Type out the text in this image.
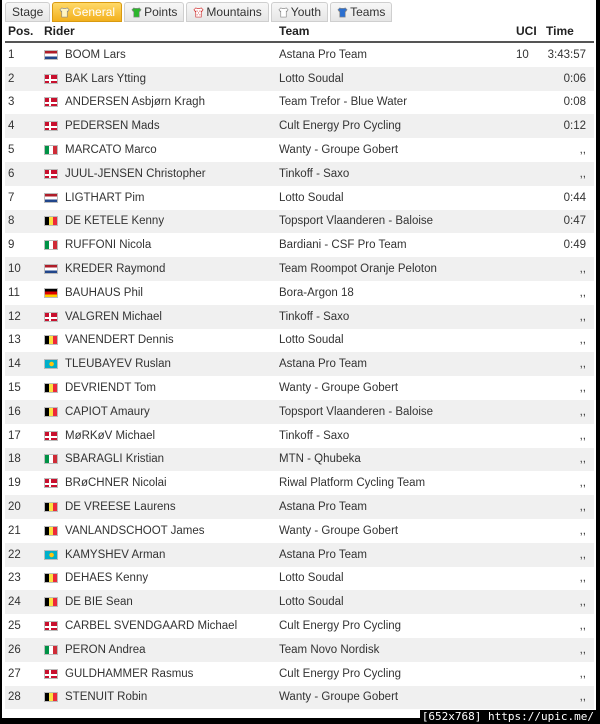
Stage General Points Mountains Youth Teams
Pos.	Rider	Team	UCI	Time
1	BOOM Lars	Astana Pro Team	10	3:43:57
2	BAK Lars Ytting	Lotto Soudal		0:06
3	ANDERSEN Asbjørn Kragh	Team Trefor - Blue Water		0:08
4	PEDERSEN Mads	Cult Energy Pro Cycling		0:12
5	MARCATO Marco	Wanty - Groupe Gobert		,,
6	JUUL-JENSEN Christopher	Tinkoff - Saxo		,,
7	LIGTHART Pim	Lotto Soudal		0:44
8	DE KETELE Kenny	Topsport Vlaanderen - Baloise		0:47
9	RUFFONI Nicola	Bardiani - CSF Pro Team		0:49
10	KREDER Raymond	Team Roompot Oranje Peloton		,,
11	BAUHAUS Phil	Bora-Argon 18		,,
12	VALGREN Michael	Tinkoff - Saxo		,,
13	VANENDERT Dennis	Lotto Soudal		,,
14	TLEUBAYEV Ruslan	Astana Pro Team		,,
15	DEVRIENDT Tom	Wanty - Groupe Gobert		,,
16	CAPIOT Amaury	Topsport Vlaanderen - Baloise		,,
17	MøRKøV Michael	Tinkoff - Saxo		,,
18	SBARAGLI Kristian	MTN - Qhubeka		,,
19	BRøCHNER Nicolai	Riwal Platform Cycling Team		,,
20	DE VREESE Laurens	Astana Pro Team		,,
21	VANLANDSCHOOT James	Wanty - Groupe Gobert		,,
22	KAMYSHEV Arman	Astana Pro Team		,,
23	DEHAES Kenny	Lotto Soudal		,,
24	DE BIE Sean	Lotto Soudal		,,
25	CARBEL SVENDGAARD Michael	Cult Energy Pro Cycling		,,
26	PERON Andrea	Team Novo Nordisk		,,
27	GULDHAMMER Rasmus	Cult Energy Pro Cycling		,,
28	STENUIT Robin	Wanty - Groupe Gobert		,,
[652x768] https://upic.me/
